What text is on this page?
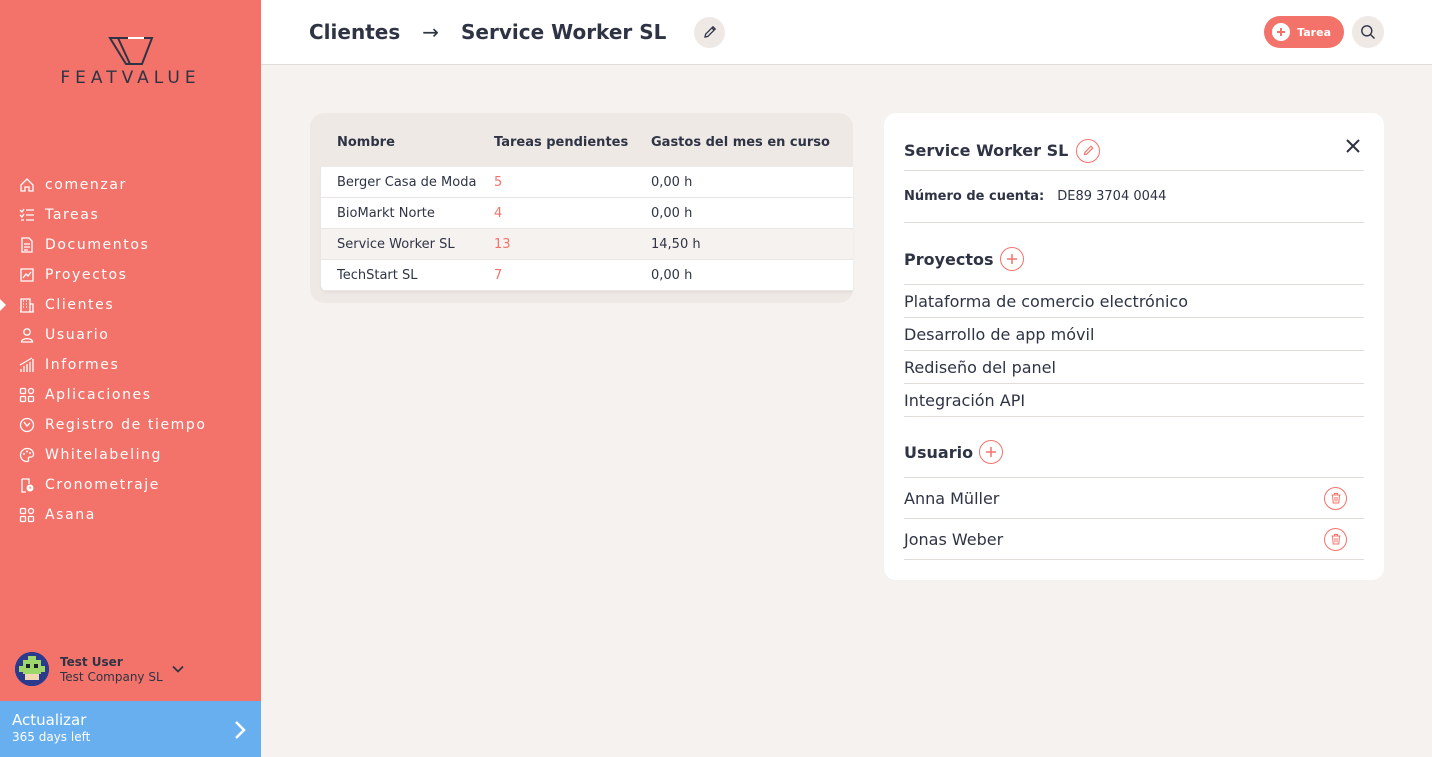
FEATVALUE
comenzar
Tareas
Documentos
Proyectos
Clientes
Usuario
Informes
Aplicaciones
Registro de tiempo
Whitelabeling
Cronometraje
Asana
Test User
Test Company SL
Actualizar
365 days left
Clientes → Service Worker SL	Tarea
Nombre	Tareas pendientes	Gastos del mes en curso
Berger Casa de Moda	5	0,00 h
BioMarkt Norte	4	0,00 h
Service Worker SL	13	14,50 h
TechStart SL	7	0,00 h
Service Worker SL
Número de cuenta: DE89 3704 0044
Proyectos
Plataforma de comercio electrónico
Desarrollo de app móvil
Rediseño del panel
Integración API
Usuario
Anna Müller
Jonas Weber
